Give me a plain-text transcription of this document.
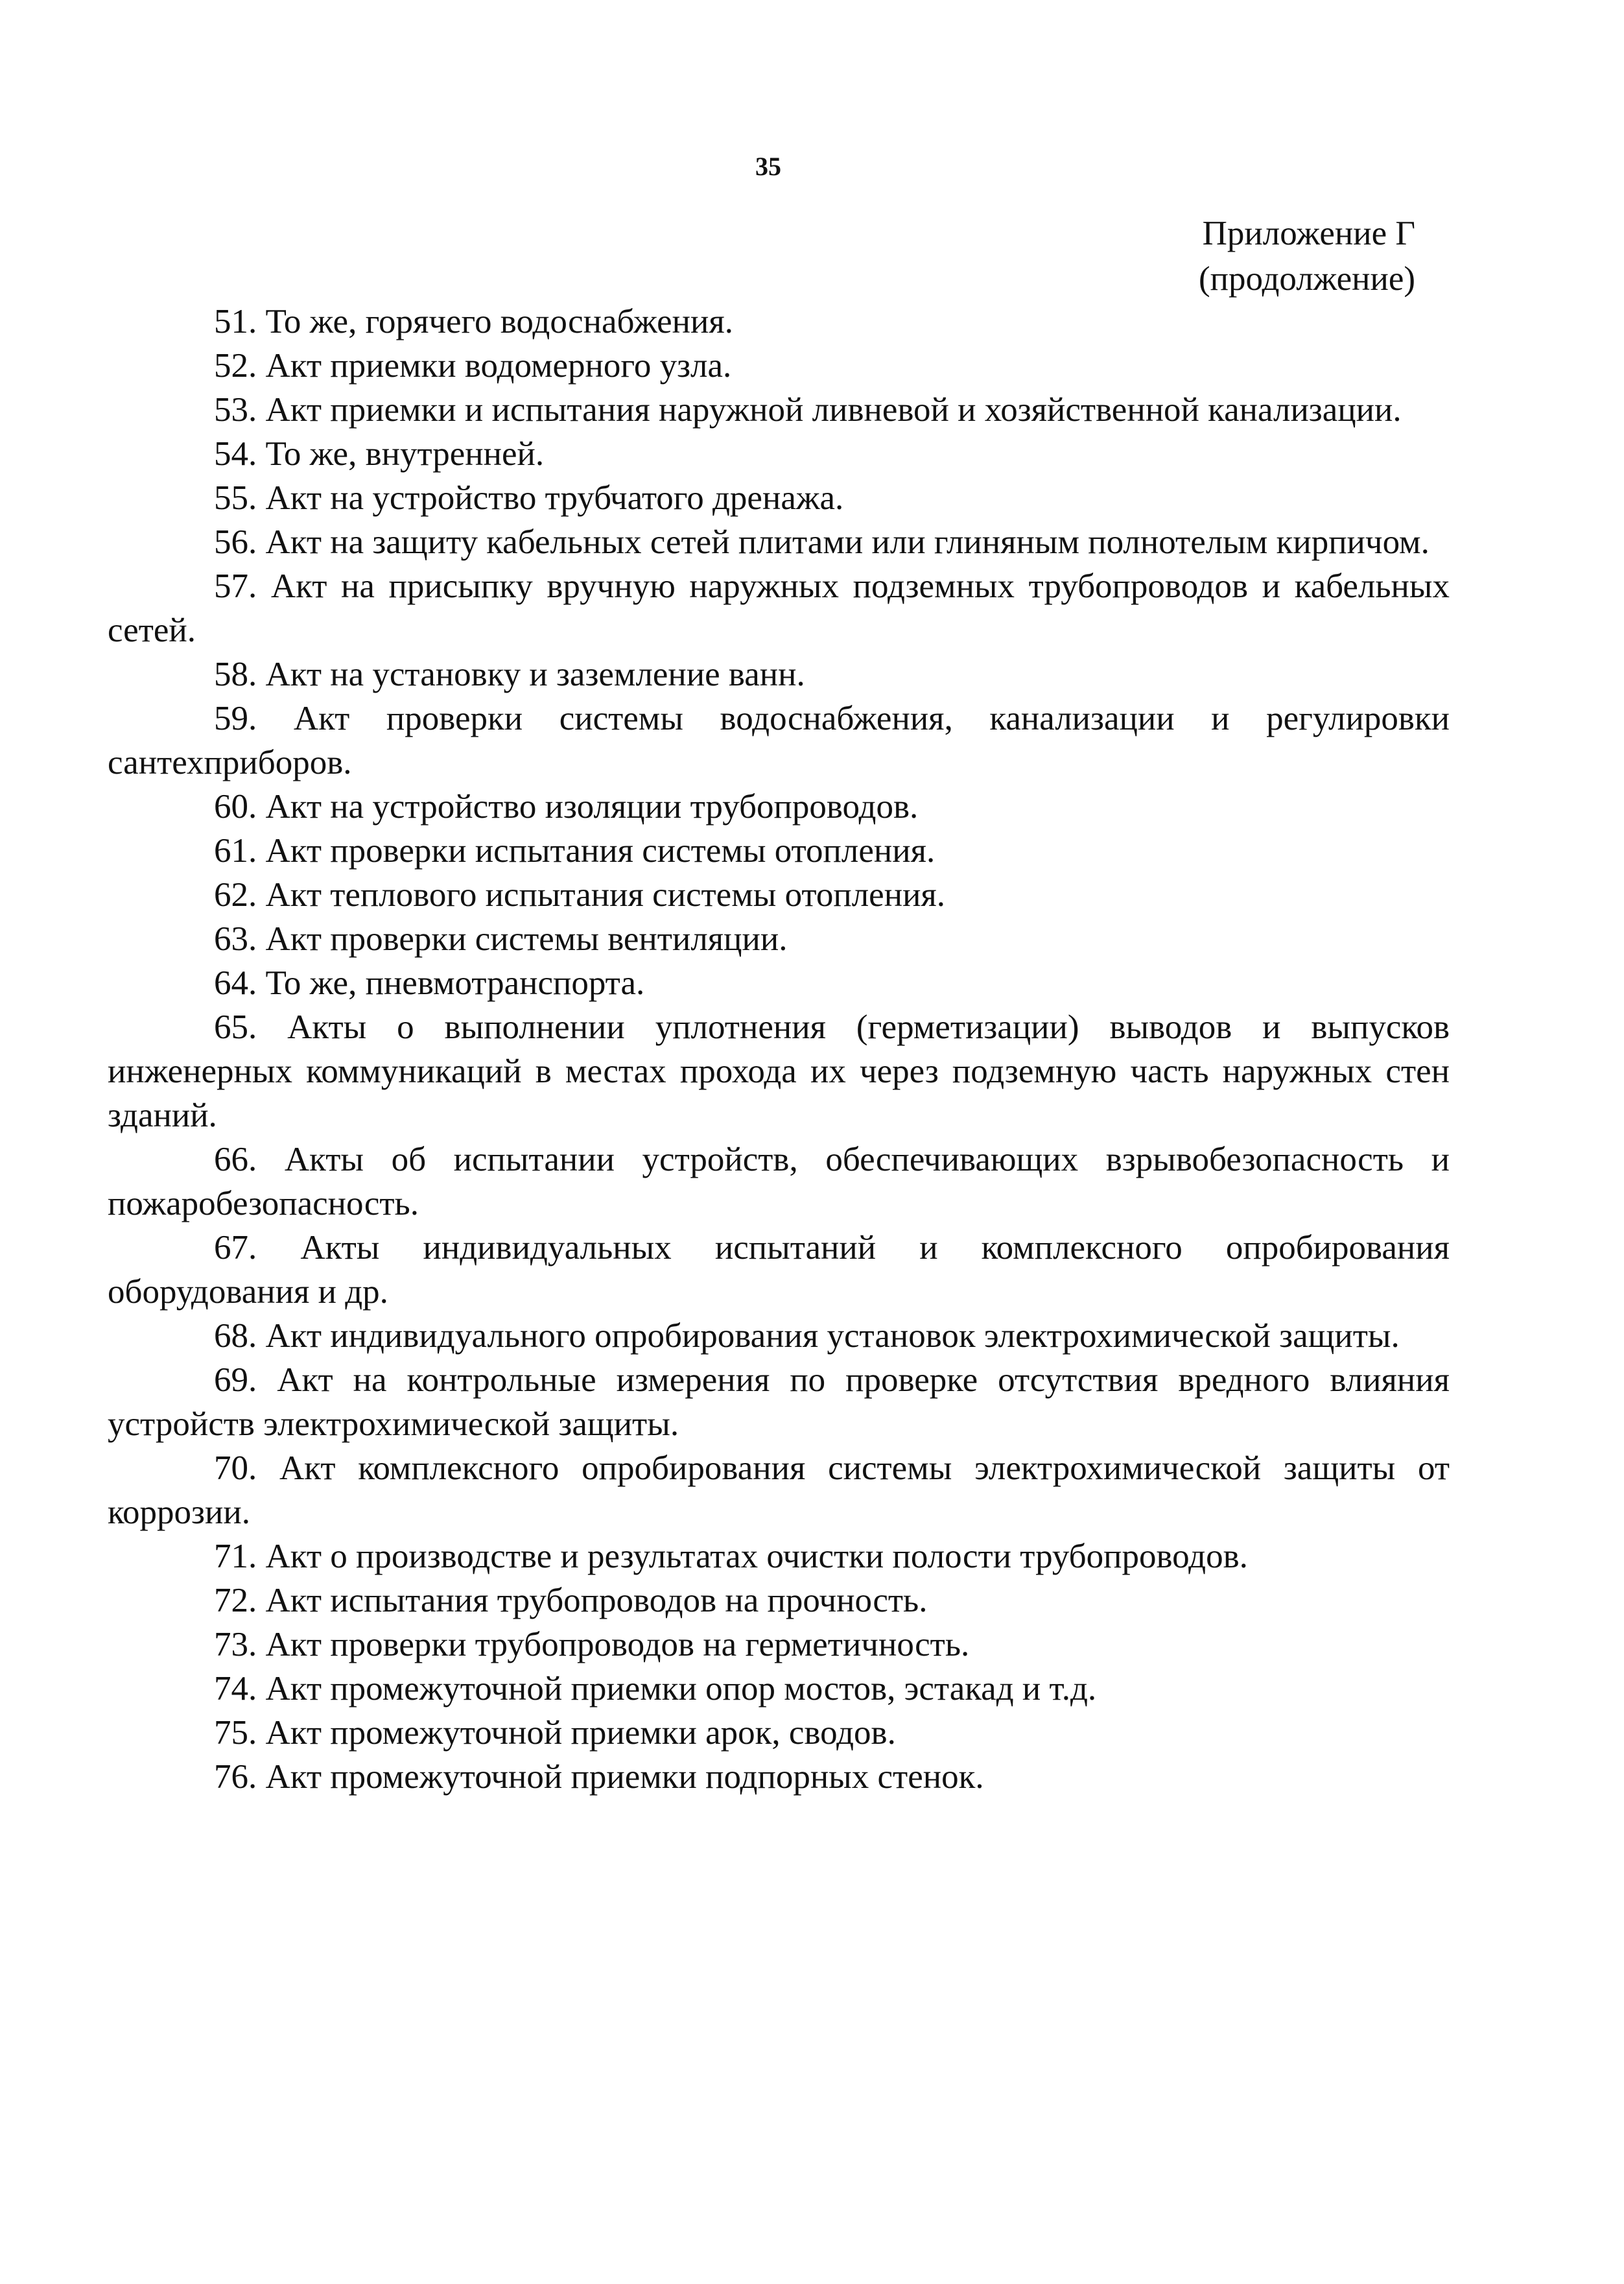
35
Приложение Г
(продолжение)

51. То же, горячего водоснабжения.

52. Акт приемки водомерного узла.

53. Акт приемки и испытания наружной ливневой и хозяйственной канализации.

54. То же, внутренней.

55. Акт на устройство трубчатого дренажа.

56. Акт на защиту кабельных сетей плитами или глиняным полнотелым кирпичом.

57. Акт на присыпку вручную наружных подземных трубопроводов и кабельных сетей.

58. Акт на установку и заземление ванн.

59. Акт проверки системы водоснабжения, канализации и регулировки сантехприборов.

60. Акт на устройство изоляции трубопроводов.

61. Акт проверки испытания системы отопления.

62. Акт теплового испытания системы отопления.

63. Акт проверки системы вентиляции.

64. То же, пневмотранспорта.

65. Акты о выполнении уплотнения (герметизации) выводов и выпусков инженерных коммуникаций в местах прохода их через подземную часть наружных стен зданий.

66. Акты об испытании устройств, обеспечивающих взрывобезопасность и пожаробезопасность.

67. Акты индивидуальных испытаний и комплексного опробирования оборудования и др.

68. Акт индивидуального опробирования установок электрохимической защиты.

69. Акт на контрольные измерения по проверке отсутствия вредного влияния устройств электрохимической защиты.

70. Акт комплексного опробирования системы электрохимической защиты от коррозии.

71. Акт о производстве и результатах очистки полости трубопроводов.

72. Акт испытания трубопроводов на прочность.

73. Акт проверки трубопроводов на герметичность.

74. Акт промежуточной приемки опор мостов, эстакад и т.д.

75. Акт промежуточной приемки арок, сводов.

76. Акт промежуточной приемки подпорных стенок.
